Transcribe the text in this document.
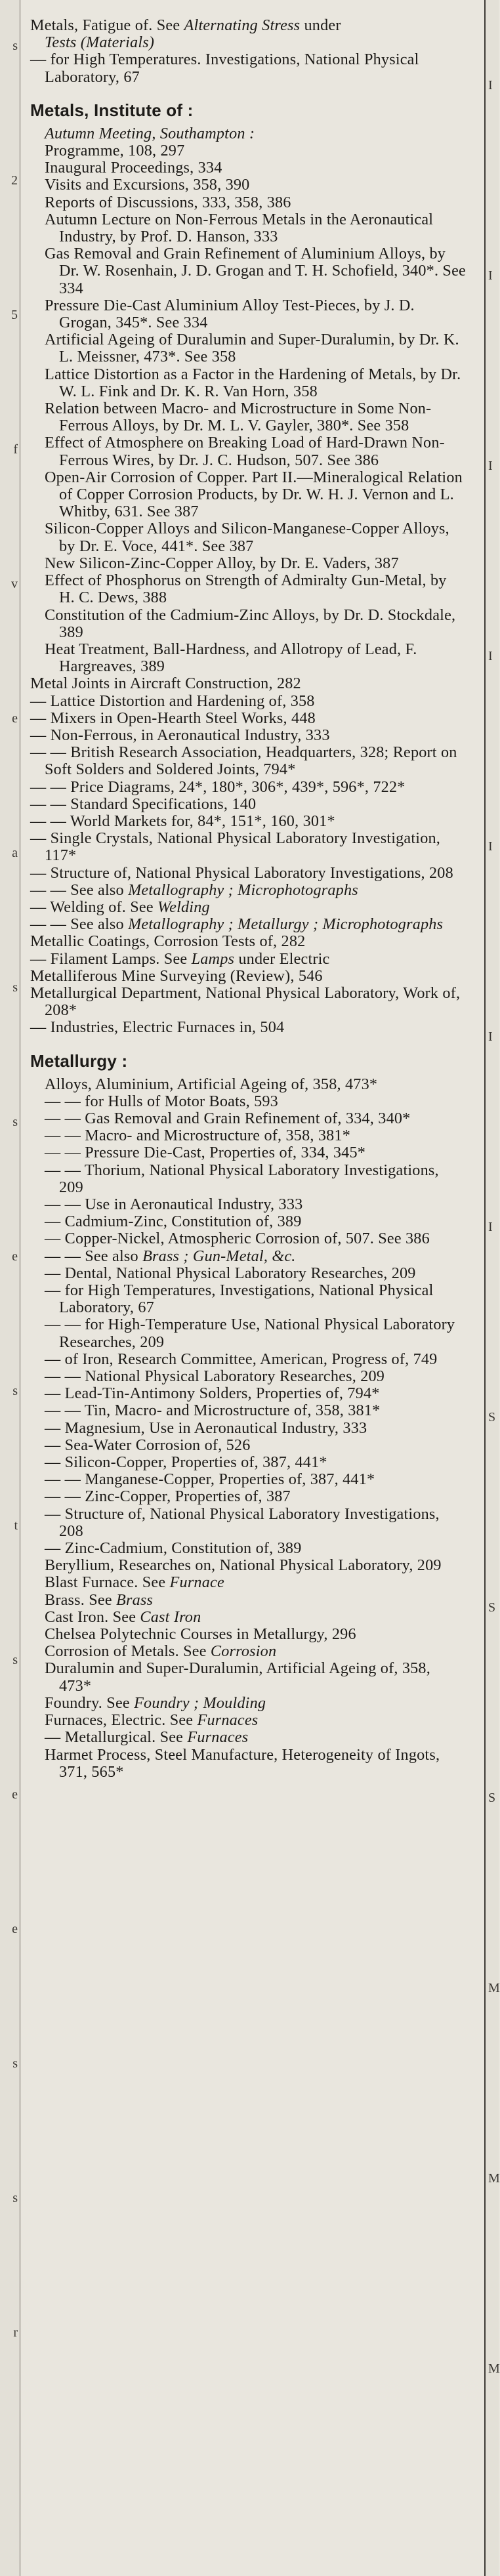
s
2
5
f
v
e
a
s
s
e
s
t
s
e
e
s
s
r
I
I
I
I
I
I
I
S
S
S
M
M
M
Metals, Fatigue of. See Alternating Stress under
Tests (Materials)
— for High Temperatures. Investigations, National Physical Laboratory, 67
Metals, Institute of :
Autumn Meeting, Southampton :
Programme, 108, 297
Inaugural Proceedings, 334
Visits and Excursions, 358, 390
Reports of Discussions, 333, 358, 386
Autumn Lecture on Non-Ferrous Metals in the Aeronautical Industry, by Prof. D. Hanson, 333
Gas Removal and Grain Refinement of Aluminium Alloys, by Dr. W. Rosenhain, J. D. Grogan and T. H. Schofield, 340*. See 334
Pressure Die-Cast Aluminium Alloy Test-Pieces, by J. D. Grogan, 345*. See 334
Artificial Ageing of Duralumin and Super-Duralumin, by Dr. K. L. Meissner, 473*. See 358
Lattice Distortion as a Factor in the Hardening of Metals, by Dr. W. L. Fink and Dr. K. R. Van Horn, 358
Relation between Macro- and Microstructure in Some Non-Ferrous Alloys, by Dr. M. L. V. Gayler, 380*. See 358
Effect of Atmosphere on Breaking Load of Hard-Drawn Non-Ferrous Wires, by Dr. J. C. Hudson, 507. See 386
Open-Air Corrosion of Copper. Part II.—Mineralogical Relation of Copper Corrosion Products, by Dr. W. H. J. Vernon and L. Whitby, 631. See 387
Silicon-Copper Alloys and Silicon-Manganese-Copper Alloys, by Dr. E. Voce, 441*. See 387
New Silicon-Zinc-Copper Alloy, by Dr. E. Vaders, 387
Effect of Phosphorus on Strength of Admiralty Gun-Metal, by H. C. Dews, 388
Constitution of the Cadmium-Zinc Alloys, by Dr. D. Stockdale, 389
Heat Treatment, Ball-Hardness, and Allotropy of Lead, F. Hargreaves, 389
Metal Joints in Aircraft Construction, 282
— Lattice Distortion and Hardening of, 358
— Mixers in Open-Hearth Steel Works, 448
— Non-Ferrous, in Aeronautical Industry, 333
— — British Research Association, Headquarters, 328; Report on Soft Solders and Soldered Joints, 794*
— — Price Diagrams, 24*, 180*, 306*, 439*, 596*, 722*
— — Standard Specifications, 140
— — World Markets for, 84*, 151*, 160, 301*
— Single Crystals, National Physical Laboratory Investigation, 117*
— Structure of, National Physical Laboratory Investigations, 208
— — See also Metallography ; Microphotographs
— Welding of. See Welding
— — See also Metallography ; Metallurgy ; Microphotographs
Metallic Coatings, Corrosion Tests of, 282
— Filament Lamps. See Lamps under Electric
Metalliferous Mine Surveying (Review), 546
Metallurgical Department, National Physical Laboratory, Work of, 208*
— Industries, Electric Furnaces in, 504
Metallurgy :
Alloys, Aluminium, Artificial Ageing of, 358, 473*
— — for Hulls of Motor Boats, 593
— — Gas Removal and Grain Refinement of, 334, 340*
— — Macro- and Microstructure of, 358, 381*
— — Pressure Die-Cast, Properties of, 334, 345*
— — Thorium, National Physical Laboratory Investigations, 209
— — Use in Aeronautical Industry, 333
— Cadmium-Zinc, Constitution of, 389
— Copper-Nickel, Atmospheric Corrosion of, 507. See 386
— — See also Brass ; Gun-Metal, &c.
— Dental, National Physical Laboratory Researches, 209
— for High Temperatures, Investigations, National Physical Laboratory, 67
— — for High-Temperature Use, National Physical Laboratory Researches, 209
— of Iron, Research Committee, American, Progress of, 749
— — National Physical Laboratory Researches, 209
— Lead-Tin-Antimony Solders, Properties of, 794*
— — Tin, Macro- and Microstructure of, 358, 381*
— Magnesium, Use in Aeronautical Industry, 333
— Sea-Water Corrosion of, 526
— Silicon-Copper, Properties of, 387, 441*
— — Manganese-Copper, Properties of, 387, 441*
— — Zinc-Copper, Properties of, 387
— Structure of, National Physical Laboratory Investigations, 208
— Zinc-Cadmium, Constitution of, 389
Beryllium, Researches on, National Physical Laboratory, 209
Blast Furnace. See Furnace
Brass. See Brass
Cast Iron. See Cast Iron
Chelsea Polytechnic Courses in Metallurgy, 296
Corrosion of Metals. See Corrosion
Duralumin and Super-Duralumin, Artificial Ageing of, 358, 473*
Foundry. See Foundry ; Moulding
Furnaces, Electric. See Furnaces
— Metallurgical. See Furnaces
Harmet Process, Steel Manufacture, Heterogeneity of Ingots, 371, 565*
